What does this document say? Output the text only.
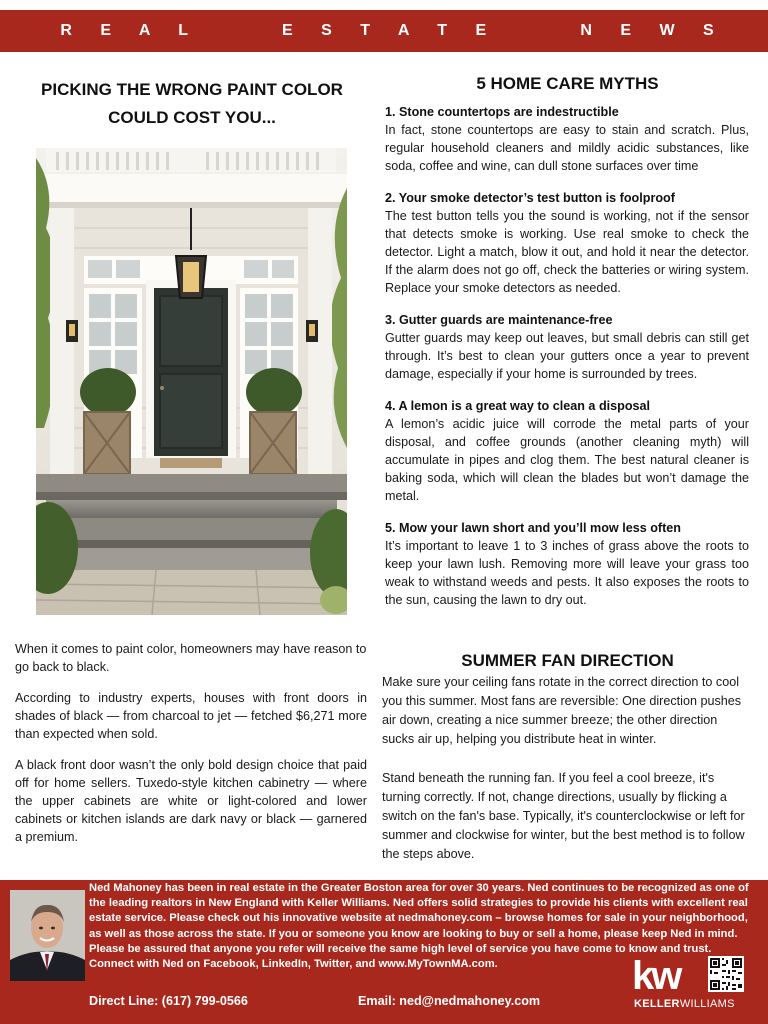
R E A L     E S T A T E     N E W S
PICKING THE WRONG PAINT COLOR COULD COST YOU...

When it comes to paint color, homeowners may have reason to go back to black.

According to industry experts, houses with front doors in shades of black — from charcoal to jet — fetched $6,271 more than expected when sold.

A black front door wasn’t the only bold design choice that paid off for home sellers. Tuxedo-style kitchen cabinetry — where the upper cabinets are white or light-colored and lower cabinets or kitchen islands are dark navy or black — garnered a premium.

5 HOME CARE MYTHS
1. Stone countertops are indestructible

In fact, stone countertops are easy to stain and scratch. Plus, regular household cleaners and mildly acidic substances, like soda, coffee and wine, can dull stone surfaces over time

2. Your smoke detector’s test button is foolproof

The test button tells you the sound is working, not if the sensor that detects smoke is working. Use real smoke to check the detector. Light a match, blow it out, and hold it near the detector. If the alarm does not go off, check the batteries or wiring system. Replace your smoke detectors as needed.

3. Gutter guards are maintenance-free

Gutter guards may keep out leaves, but small debris can still get through. It’s best to clean your gutters once a year to prevent damage, especially if your home is surrounded by trees.

4. A lemon is a great way to clean a disposal

A lemon’s acidic juice will corrode the metal parts of your disposal, and coffee grounds (another cleaning myth) will accumulate in pipes and clog them. The best natural cleaner is baking soda, which will clean the blades but won’t damage the metal.

5. Mow your lawn short and you’ll mow less often

It’s important to leave 1 to 3 inches of grass above the roots to keep your lawn lush. Removing more will leave your grass too weak to withstand weeds and pests. It also exposes the roots to the sun, causing the lawn to dry out.

SUMMER FAN DIRECTION

Make sure your ceiling fans rotate in the correct direction to cool you this summer. Most fans are reversible: One direction pushes air down, creating a nice summer breeze; the other direction sucks air up, helping you distribute heat in winter.

Stand beneath the running fan. If you feel a cool breeze, it's turning correctly. If not, change directions, usually by flicking a switch on the fan's base. Typically, it's counterclockwise or left for summer and clockwise for winter, but the best method is to follow the steps above.

Ned Mahoney has been in real estate in the Greater Boston area for over 30 years. Ned continues to be recognized as one of the leading realtors in New England with Keller Williams. Ned offers solid strategies to provide his clients with excellent real estate service. Please check out his innovative website at nedmahoney.com – browse homes for sale in your neighborhood, as well as those across the state. If you or someone you know are looking to buy or sell a home, please keep Ned in mind. Please be assured that anyone you refer will receive the same high level of service you have come to know and trust.

Connect with Ned on Facebook, LinkedIn, Twitter, and www.MyTownMA.com.

Direct Line: (617) 799-0566	Email: ned@nedmahoney.com
kw
KELLERWILLIAMS
